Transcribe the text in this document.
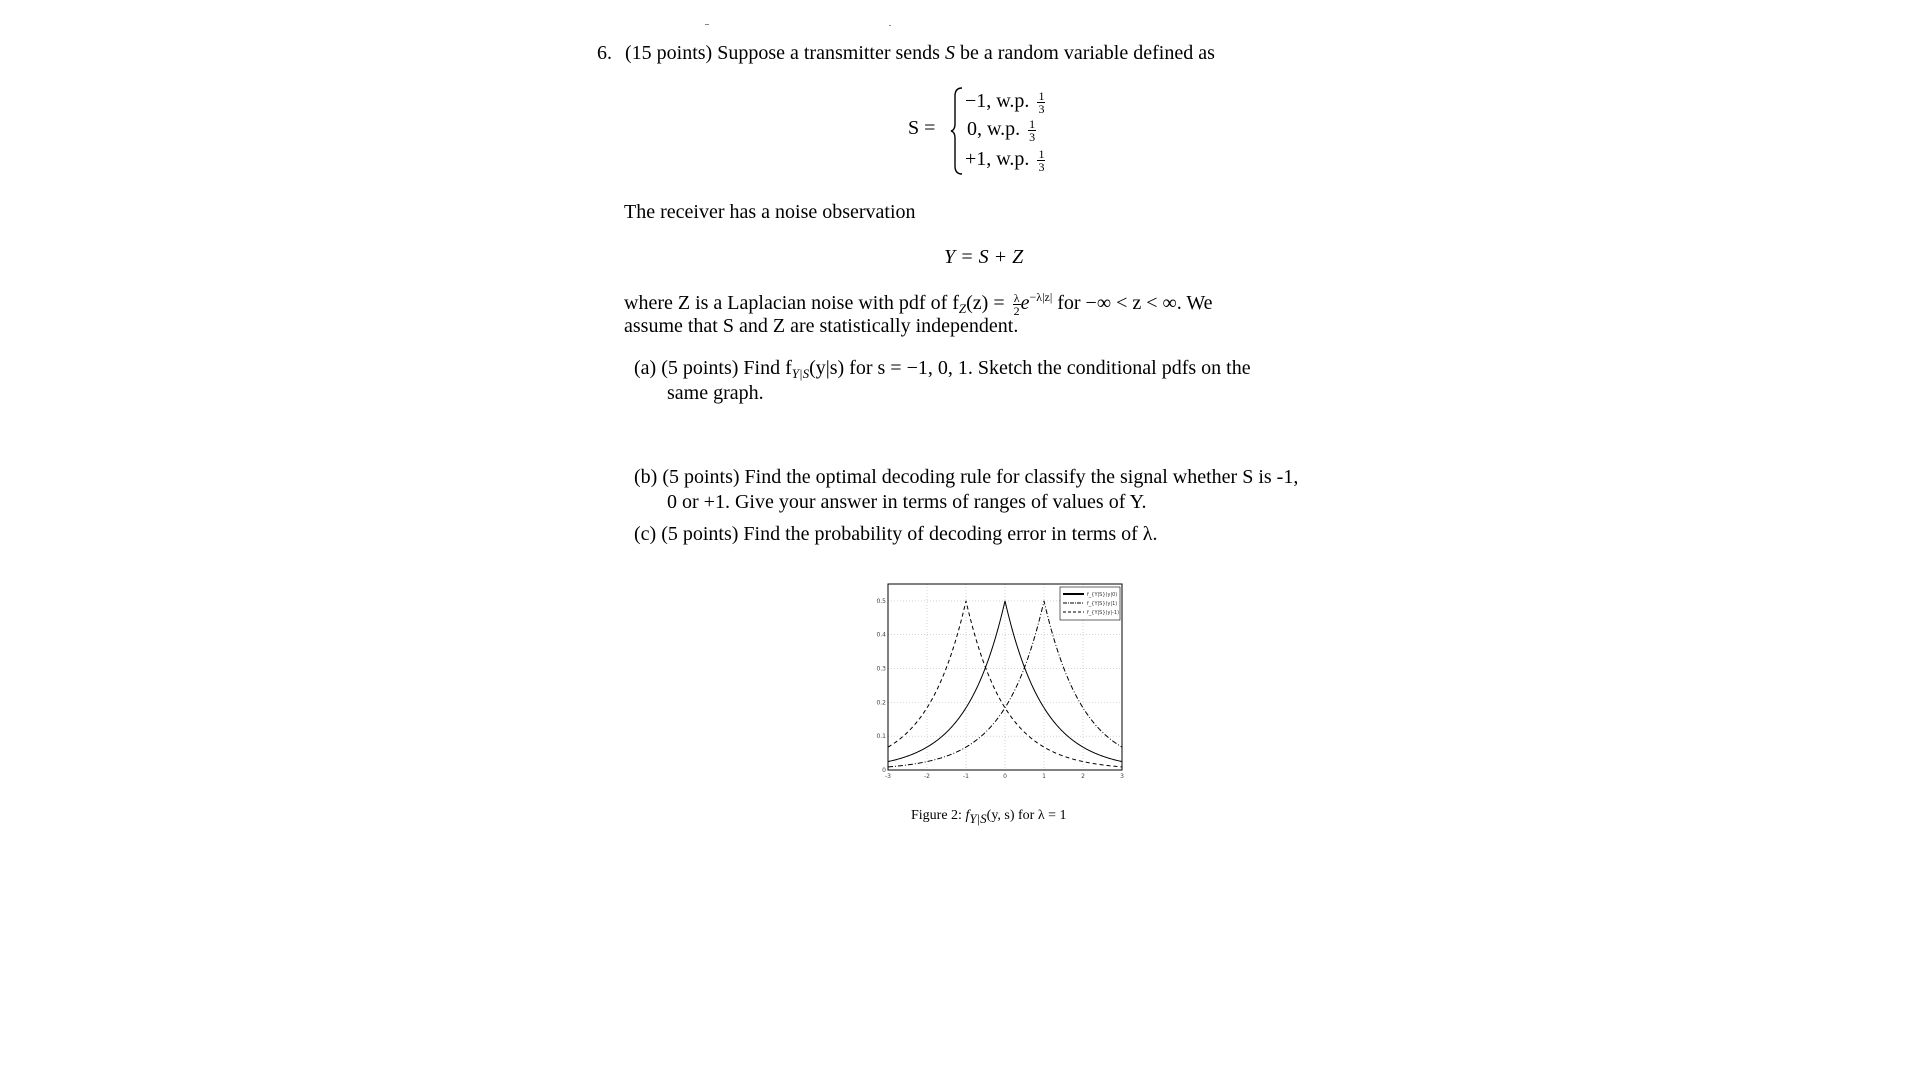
6. (15 points) Suppose a transmitter sends S be a random variable defined as
S =
−1, w.p. $\frac{1}{3}$
0, w.p. $\frac{1}{3}$
+1, w.p. $\frac{1}{3}$
The receiver has a noise observation
Y = S + Z
where Z is a Laplacian noise with pdf of $f_Z(z) = \frac{\lambda}{2} e^{-\lambda|z|}$ for −∞ < z < ∞. We
assume that S and Z are statistically independent.
(a) (5 points) Find $f_{Y|S}(y|s)$ for s = −1, 0, 1. Sketch the conditional pdfs on the
same graph.
(b) (5 points) Find the optimal decoding rule for classify the signal whether S is -1,
0 or +1. Give your answer in terms of ranges of values of Y.
(c) (5 points) Find the probability of decoding error in terms of λ.
-3	-2	-1	0	1	2	3
0
0.1
0.2
0.3
0.4
0.5
f_{Y|S}(y|0)
f_{Y|S}(y|1)
f_{Y|S}(y|-1)
Figure 2: fY|S(y, s) for λ = 1
